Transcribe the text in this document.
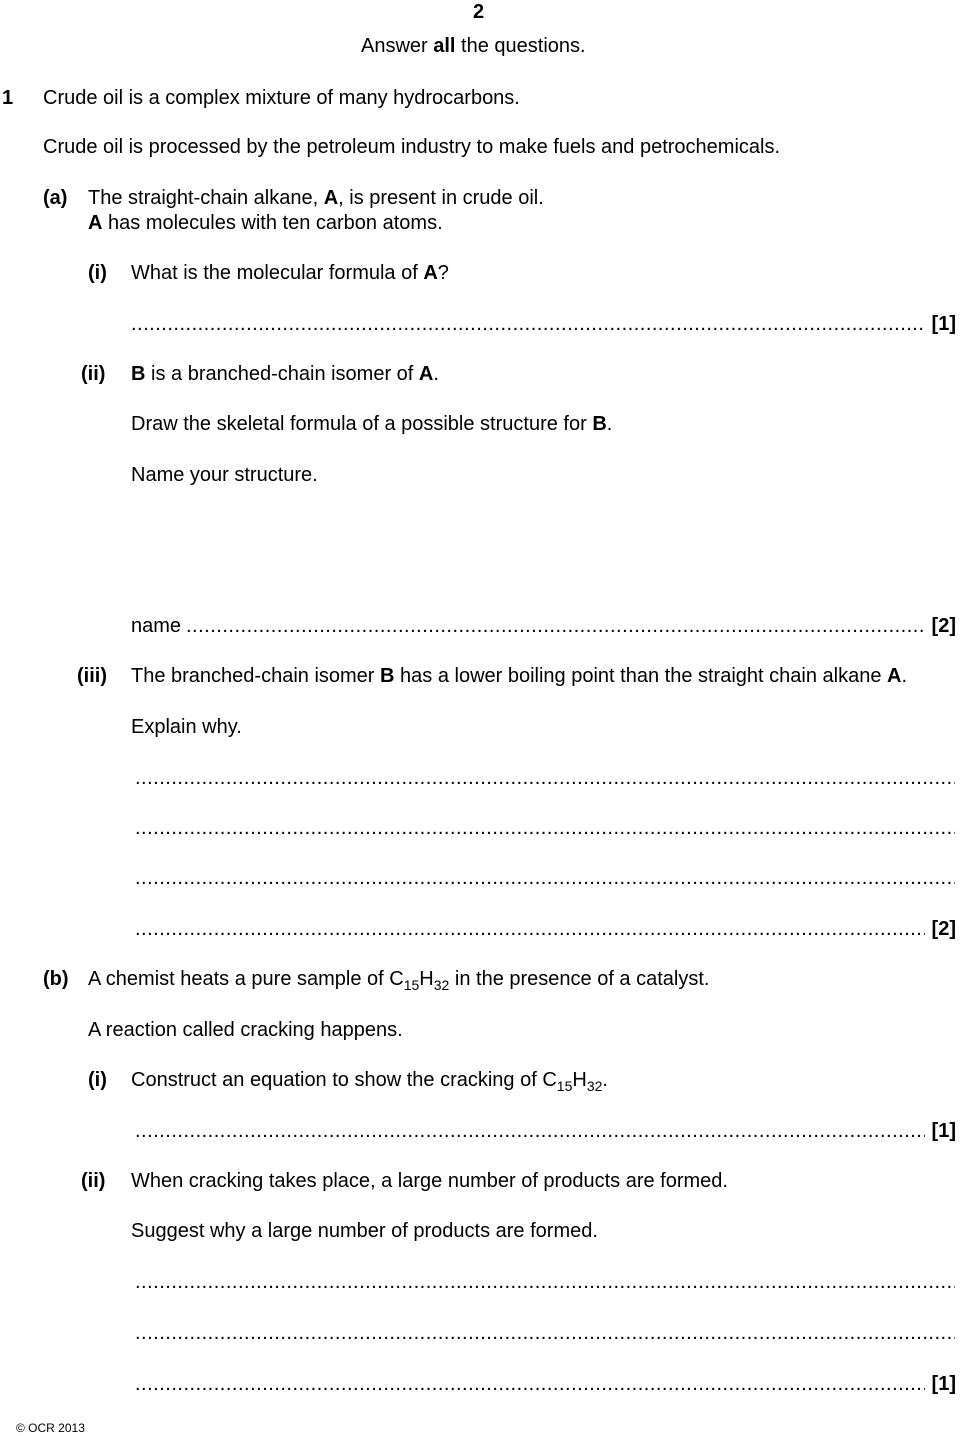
2
Answer all the questions.
1 Crude oil is a complex mixture of many hydrocarbons.
Crude oil is processed by the petroleum industry to make fuels and petrochemicals.
(a) The straight-chain alkane, A, is present in crude oil.
A has molecules with ten carbon atoms.
(i) What is the molecular formula of A?
.....
[1]
(ii) B is a branched-chain isomer of A.
Draw the skeletal formula of a possible structure for B.
Name your structure.
name
.....	[2]
(iii) The branched-chain isomer B has a lower boiling point than the straight chain alkane A.
Explain why.
.....
.....
.....
.....
[2]
(b) A chemist heats a pure sample of $C_{15}H_{32}$ in the presence of a catalyst.
A reaction called cracking happens.
(i) Construct an equation to show the cracking of $C_{15}H_{32}$.
.....
[1]
(ii) When cracking takes place, a large number of products are formed.
Suggest why a large number of products are formed.
.....
.....
.....
[1]
© OCR 2013
